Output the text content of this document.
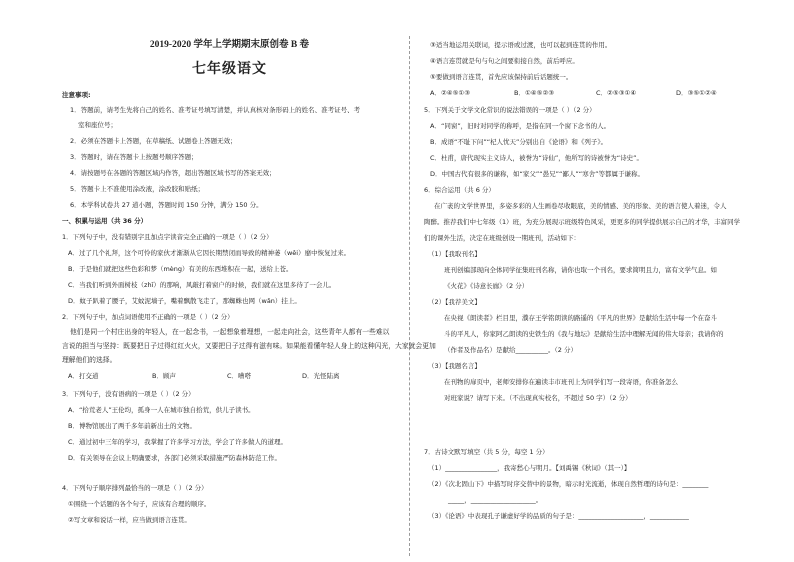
2019-2020 学年上学期期末原创卷 B 卷
七年级语文
注意事项:
1．答题前，请考生先将自己的姓名、准考证号填写清楚，并认真核对条形码上的姓名、准考证号、考
室和座位号；
2．必须在答题卡上答题，在草稿纸、试题卷上答题无效；
3．答题时，请在答题卡上按题号顺序答题；
4．请按题号在各题的答题区域内作答，超出答题区域书写的答案无效；
5．答题卡上不准使用涂改液，涂改胶和贴纸；
6．本学科试卷共 27 道小题，答题时间 150 分钟，满分 150 分。
一、积累与运用（共 36 分）
1．下列句子中，没有错别字且加点字读音完全正确的一项是（ ）（2 分）
A．过了几个礼拜，这个可怜的家伙才渐渐从它因长期禁闭而导致的精神萎（wěi）靡中恢复过来。
B．于是他们就把这些色彩和梦（mèng）有美的东西堆积在一起，送给上苍。
C．当我们听到外面树枝（zhī）的那响，风敲打着窗户的时候，我们就在这里多待了一会儿。
D．蚊子趴着了腰子，艾蚊泥墙子，嘴着飘散飞走了，那蜘蛛也网（wǎn）挂上。
2．下列句子中，加点词语使用不正确的一项是（ ）（2 分）
他们是同一个村庄出身的年轻人，在一起念书，一起想象着理想，一起走向社会，这些青年人都有一些难以
言说的担当与坚持：既要把日子过得红红火火，又要把日子过得有滋有味。如果能看懂年轻人身上的这种闪光，大家就会更加
理解他们的选择。
A．打交道	B．顾声	C．嘈嗒	D．光怪陆离
3．下列句子，没有语病的一项是（ ）（2 分）
A．“拾荒老人”王伦均，孤身一人在城市独自拾荒，供儿子读书。
B．博物馆展出了两千多年前新出土的文物。
C．通过初中三年的学习，我掌握了许多学习方法，学会了许多做人的道理。
D．有关领导在会议上明确要求，各部门必须采取措施严防森林防范工作。
4．下列句子顺序排列最恰当的一项是（ ）（2 分）
①围绕一个话题的各个句子，应该有合理的顺序。
②写文章和说话一样，应当做到语言连贯。
③适当地运用关联词，提示语或过渡，也可以起到连贯的作用。
④语言连贯就是句与句之间要衔接自然，前后呼应。
⑤要做到语言连贯，首先应该保持前后话题统一。
A．②④⑤①③	B．①④⑤②③	C．②⑤③①④	D．③⑤①②④
5．下列关于文学文化常识的说法错误的一项是（ ）（2 分）
A．“同窗”，旧时对同学的称呼，是指在同一个窗下念书的人。
B．成语“不耻下问”“杞人忧天”分别出自《论语》和《列子》。
C．杜甫，唐代现实主义诗人，被誉为“诗仙”，他所写的诗被誉为“诗史”。
D．中国古代有很多的谦称，如“家父”“愚兄”“鄙人”“寒舍”等都属于谦称。
6．综合运用（共 6 分）
在广袤的文学世界里，多姿多彩的人生画卷尽收眼底，美的情感、美的形象、美的语言使人着迷，令人
陶醉。推荐我们中七年级（1）班，为充分展现示班级特色风采，更更多的同学提供展示自己的才华，丰富同学
们的课外生活，决定在班级创设一期班刊，活动如下：
（1）【我取刊名】
班刊创编部现向全体同学征集班刊名称，请你也取一个刊名，要求简明且力，富有文学气息。如
《火花》《诗意长廊》（2 分）
（2）【我荐美文】
在央视《朗读者》栏目里，濮存王学铭朗读的路遥的《平凡的世界》是献给生活中每一个在奋斗
斗的平凡人，你家阿乙朗读的史铁生的《我与地坛》是献给生活中理解无闻的伟大母亲；我请你的
（作者及作品名）是献给__________。（2 分）
（3）【我题名言】
在刊物的扉页中，老师安排你在遍读丰市班刊上为同学们写一段寄语，你准备怎么
对班家说？请写下来。（不出现真实校名，不超过 50 字）（2 分）
7．古诗文默写填空（共 5 分，每空 1 分）
（1）________________，我寄愁心与明月。【刘禹锡《秋词》（其一）】
（2）《次北固山下》中描写时序交替中的景物，暗示时光流逝，体现自然哲理的诗句是：________
_____，____________________。
（3）《论语》中表现孔子谦虚好学的品质的句子是：____________________，____________
